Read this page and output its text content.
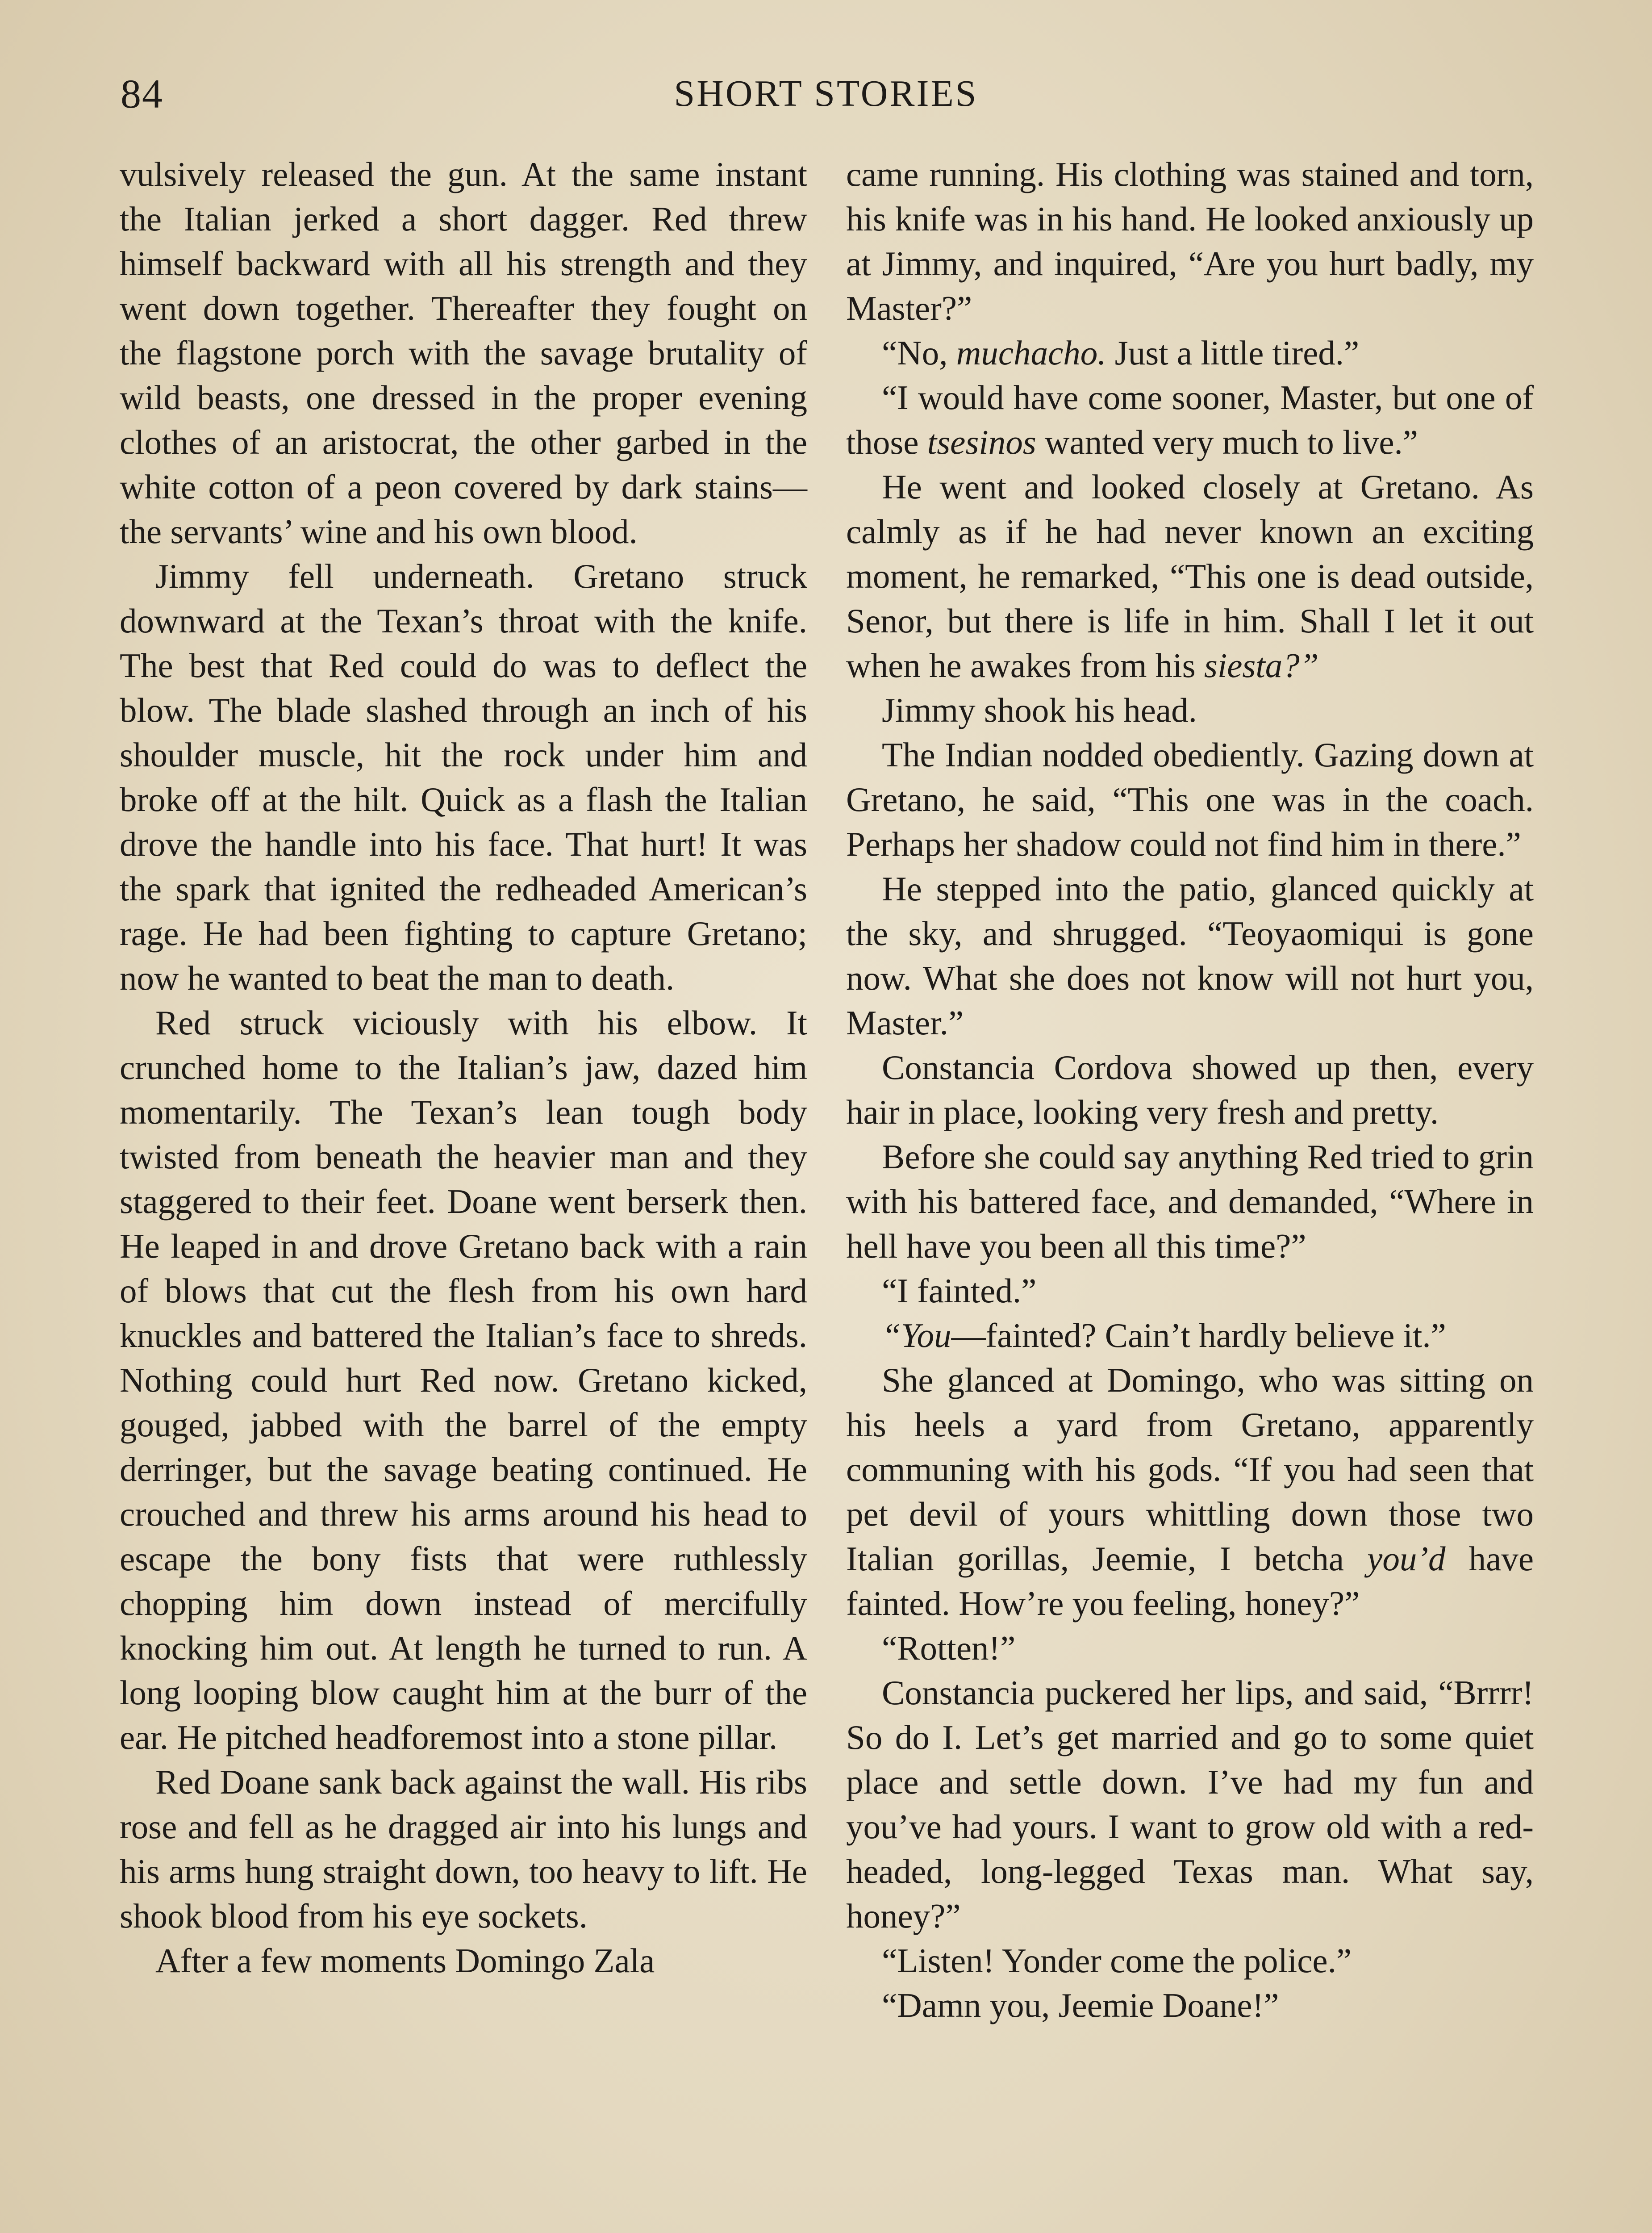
84	SHORT STORIES

vulsively released the gun. At the same instant the Italian jerked a short dagger. Red threw himself backward with all his strength and they went down together. Thereafter they fought on the flagstone porch with the savage brutality of wild beasts, one dressed in the proper evening clothes of an aristocrat, the other garbed in the white cotton of a peon covered by dark stains—the servants’ wine and his own blood.

Jimmy fell underneath. Gretano struck downward at the Texan’s throat with the knife. The best that Red could do was to deflect the blow. The blade slashed through an inch of his shoulder muscle, hit the rock under him and broke off at the hilt. Quick as a flash the Italian drove the handle into his face. That hurt! It was the spark that ignited the redheaded American’s rage. He had been fighting to capture Gretano; now he wanted to beat the man to death.

Red struck viciously with his elbow. It crunched home to the Italian’s jaw, dazed him momentarily. The Texan’s lean tough body twisted from beneath the heavier man and they staggered to their feet. Doane went berserk then. He leaped in and drove Gretano back with a rain of blows that cut the flesh from his own hard knuckles and battered the Italian’s face to shreds. Nothing could hurt Red now. Gretano kicked, gouged, jabbed with the barrel of the empty derringer, but the savage beating continued. He crouched and threw his arms around his head to escape the bony fists that were ruthlessly chopping him down instead of mercifully knocking him out. At length he turned to run. A long looping blow caught him at the burr of the ear. He pitched headforemost into a stone pillar.

Red Doane sank back against the wall. His ribs rose and fell as he dragged air into his lungs and his arms hung straight down, too heavy to lift. He shook blood from his eye sockets.

After a few moments Domingo Zala

came running. His clothing was stained and torn, his knife was in his hand. He looked anxiously up at Jimmy, and inquired, “Are you hurt badly, my Master?”

“No, muchacho. Just a little tired.”

“I would have come sooner, Master, but one of those tsesinos wanted very much to live.”

He went and looked closely at Gretano. As calmly as if he had never known an exciting moment, he remarked, “This one is dead outside, Senor, but there is life in him. Shall I let it out when he awakes from his siesta?”

Jimmy shook his head.

The Indian nodded obediently. Gazing down at Gretano, he said, “This one was in the coach. Perhaps her shadow could not find him in there.”

He stepped into the patio, glanced quickly at the sky, and shrugged. “Teoyaomiqui is gone now. What she does not know will not hurt you, Master.”

Constancia Cordova showed up then, every hair in place, looking very fresh and pretty.

Before she could say anything Red tried to grin with his battered face, and demanded, “Where in hell have you been all this time?”

“I fainted.”

“You—fainted? Cain’t hardly believe it.”

She glanced at Domingo, who was sitting on his heels a yard from Gretano, apparently communing with his gods. “If you had seen that pet devil of yours whittling down those two Italian gorillas, Jeemie, I betcha you’d have fainted. How’re you feeling, honey?”

“Rotten!”

Constancia puckered her lips, and said, “Brrrr! So do I. Let’s get married and go to some quiet place and settle down. I’ve had my fun and you’ve had yours. I want to grow old with a red-headed, long-legged Texas man. What say, honey?”

“Listen! Yonder come the police.”

“Damn you, Jeemie Doane!”
